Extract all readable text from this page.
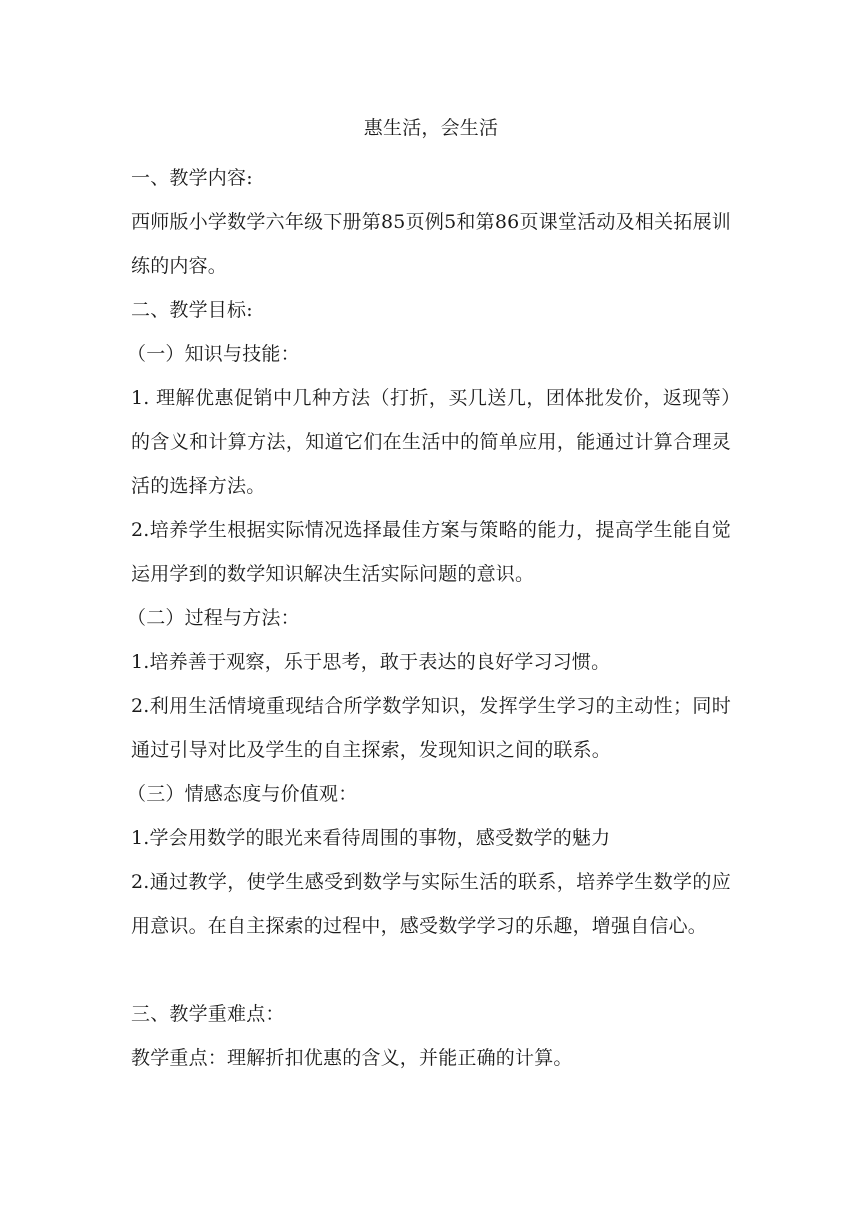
惠生活，会生活

一、教学内容:

西师版小学数学六年级下册第85页例5和第86页课堂活动及相关拓展训练的内容。

二、教学目标:

（一）知识与技能：

1. 理解优惠促销中几种方法（打折，买几送几，团体批发价，返现等）的含义和计算方法，知道它们在生活中的简单应用，能通过计算合理灵活的选择方法。

2.培养学生根据实际情况选择最佳方案与策略的能力，提高学生能自觉运用学到的数学知识解决生活实际问题的意识。

（二）过程与方法：

1.培养善于观察，乐于思考，敢于表达的良好学习习惯。

2.利用生活情境重现结合所学数学知识，发挥学生学习的主动性；同时通过引导对比及学生的自主探索，发现知识之间的联系。

（三）情感态度与价值观：

1.学会用数学的眼光来看待周围的事物，感受数学的魅力

2.通过教学，使学生感受到数学与实际生活的联系，培养学生数学的应用意识。在自主探索的过程中，感受数学学习的乐趣，增强自信心。

三、教学重难点：

教学重点：理解折扣优惠的含义，并能正确的计算。
